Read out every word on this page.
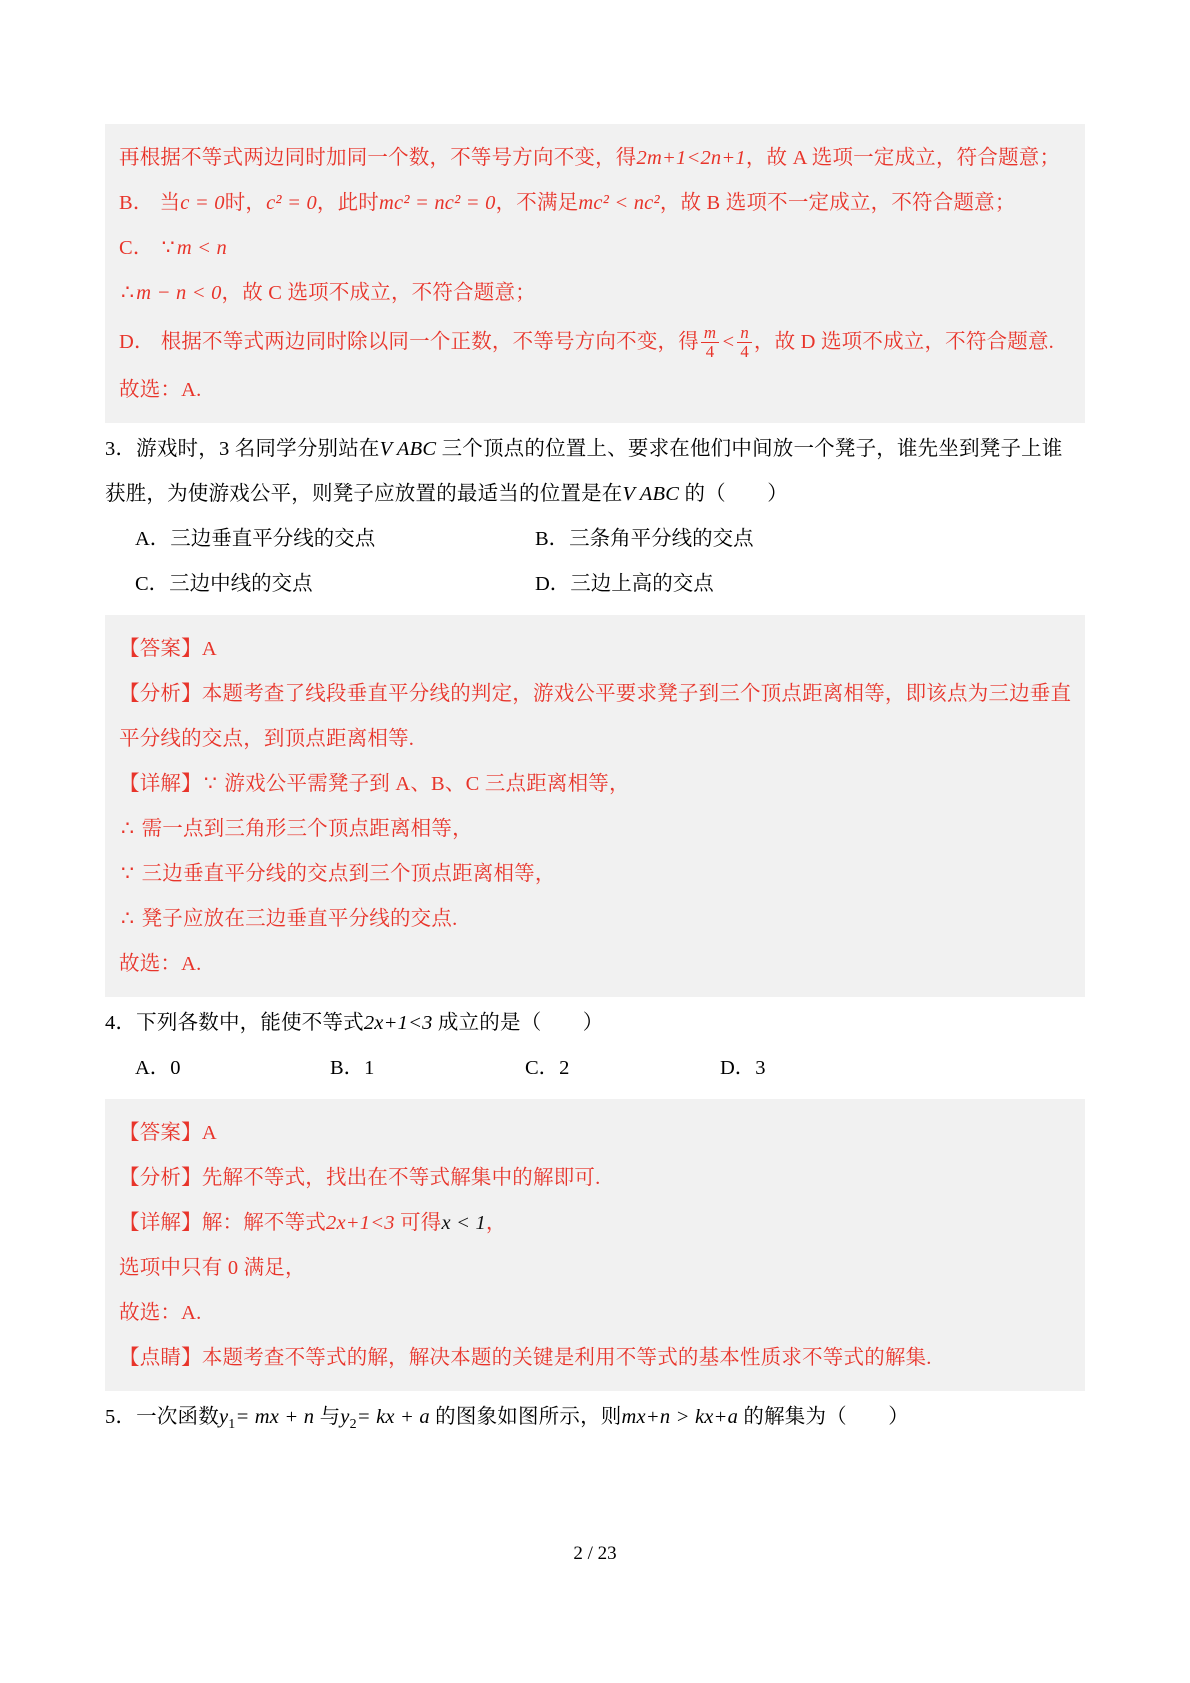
再根据不等式两边同时加同一个数，不等号方向不变，得2m+1<2n+1，故 A 选项一定成立，符合题意；
B． 当c = 0时，c² = 0，此时mc² = nc² = 0，不满足mc² < nc²，故 B 选项不一定成立，不符合题意；
C． ∵m < n
∴m − n < 0，故 C 选项不成立，不符合题意；
D． 根据不等式两边同时除以同一个正数，不等号方向不变，得 $\frac{m}{4} < \frac{n}{4}$ ，故 D 选项不成立，不符合题意.
故选：A.
3．游戏时，3 名同学分别站在V ABC 三个顶点的位置上、要求在他们中间放一个凳子，谁先坐到凳子上谁
获胜，为使游戏公平，则凳子应放置的最适当的位置是在V ABC 的（　　）
A．三边垂直平分线的交点	B．三条角平分线的交点
C．三边中线的交点	D．三边上高的交点
【答案】A
【分析】本题考查了线段垂直平分线的判定，游戏公平要求凳子到三个顶点距离相等，即该点为三边垂直
平分线的交点，到顶点距离相等.
【详解】∵ 游戏公平需凳子到 A、B、C 三点距离相等，
∴ 需一点到三角形三个顶点距离相等，
∵ 三边垂直平分线的交点到三个顶点距离相等，
∴ 凳子应放在三边垂直平分线的交点.
故选：A.
4．下列各数中，能使不等式2x+1<3 成立的是（　　）
A．0	B．1	C．2	D．3
【答案】A
【分析】先解不等式，找出在不等式解集中的解即可.
【详解】解：解不等式2x+1<3 可得x < 1，
选项中只有 0 满足，
故选：A.
【点睛】本题考查不等式的解，解决本题的关键是利用不等式的基本性质求不等式的解集.
5．一次函数$y_1=$ mx + n 与$y_2=$ kx + a 的图象如图所示，则mx+n > kx+a 的解集为（　　）
2 / 23
